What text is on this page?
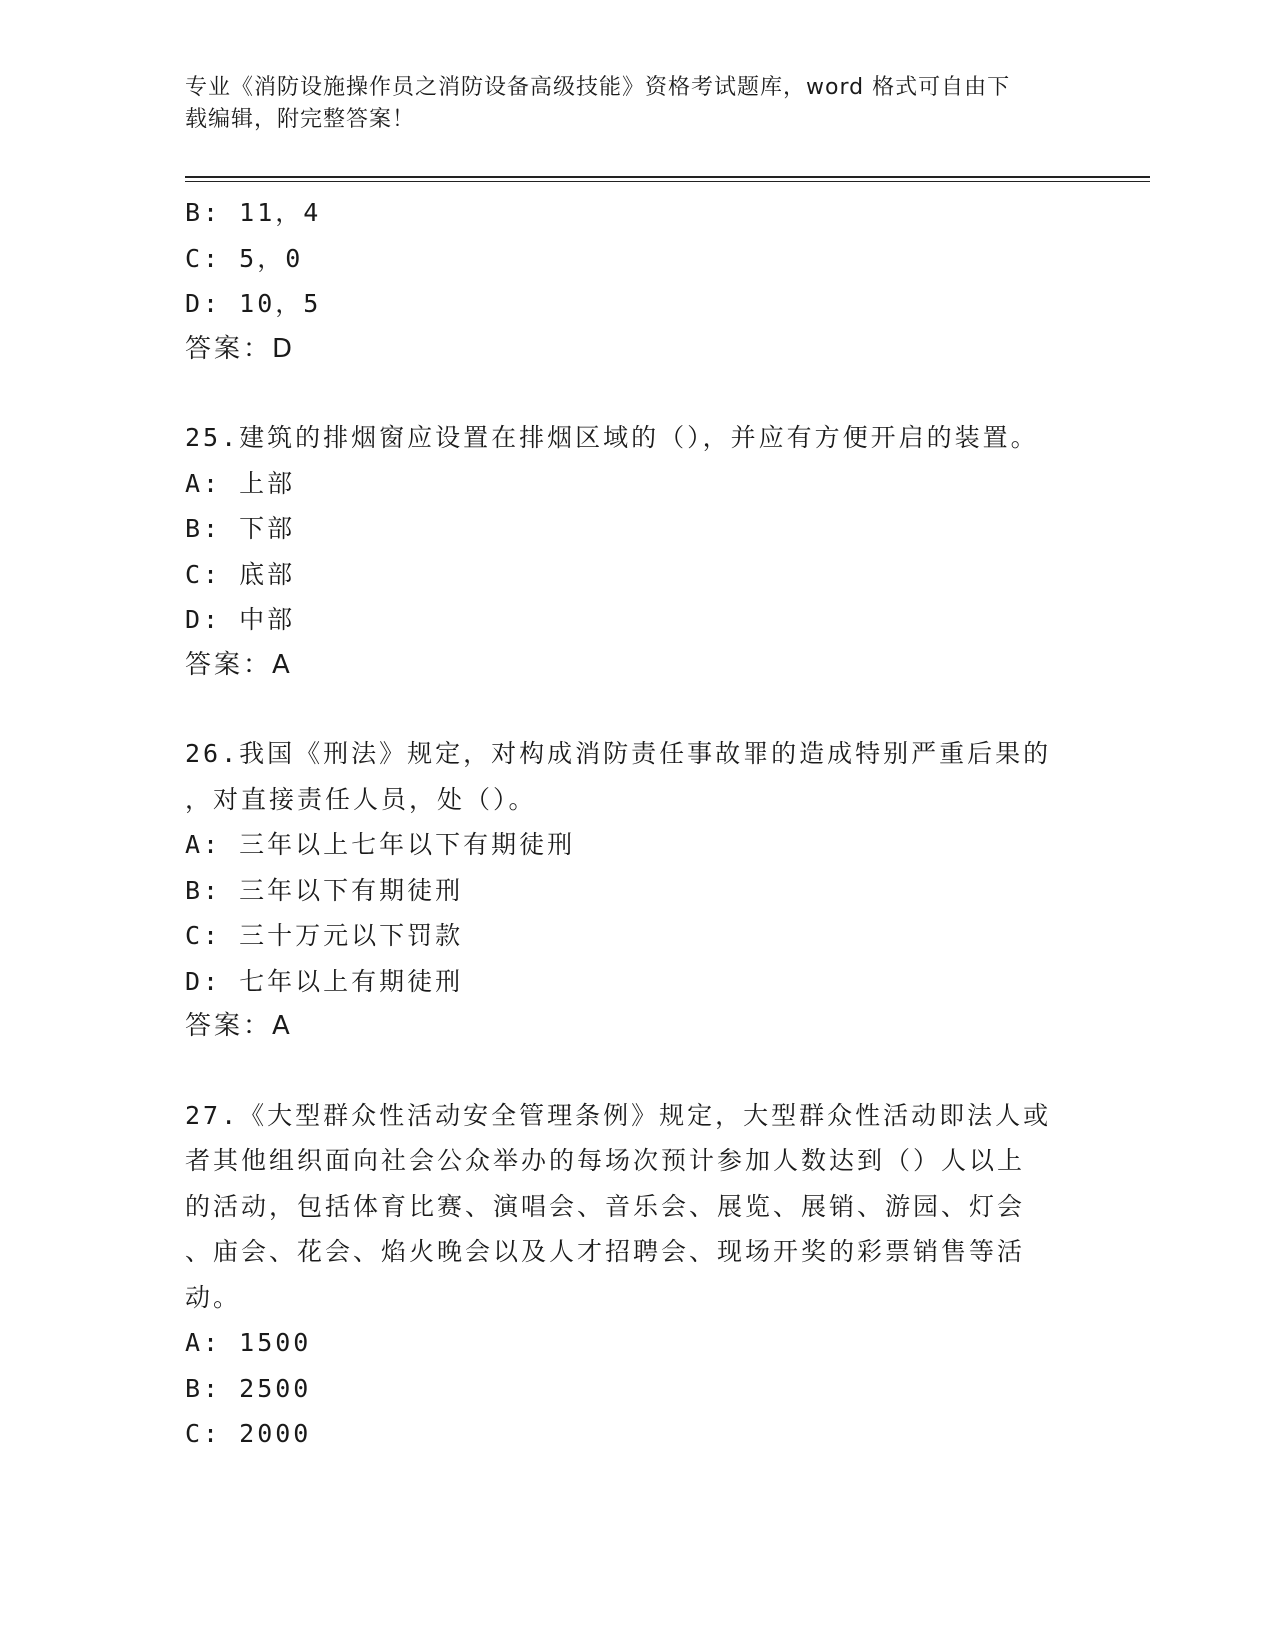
专业《消防设施操作员之消防设备高级技能》资格考试题库，word 格式可自由下
载编辑，附完整答案！
B: 11，4
C: 5，0
D: 10，5
答案：D
25.建筑的排烟窗应设置在排烟区域的（），并应有方便开启的装置。
A: 上部
B: 下部
C: 底部
D: 中部
答案：A
26.我国《刑法》规定，对构成消防责任事故罪的造成特别严重后果的
，对直接责任人员，处（）。
A: 三年以上七年以下有期徒刑
B: 三年以下有期徒刑
C: 三十万元以下罚款
D: 七年以上有期徒刑
答案：A
27.《大型群众性活动安全管理条例》规定，大型群众性活动即法人或
者其他组织面向社会公众举办的每场次预计参加人数达到（）人以上
的活动，包括体育比赛、演唱会、音乐会、展览、展销、游园、灯会
、庙会、花会、焰火晚会以及人才招聘会、现场开奖的彩票销售等活
动。
A: 1500
B: 2500
C: 2000
